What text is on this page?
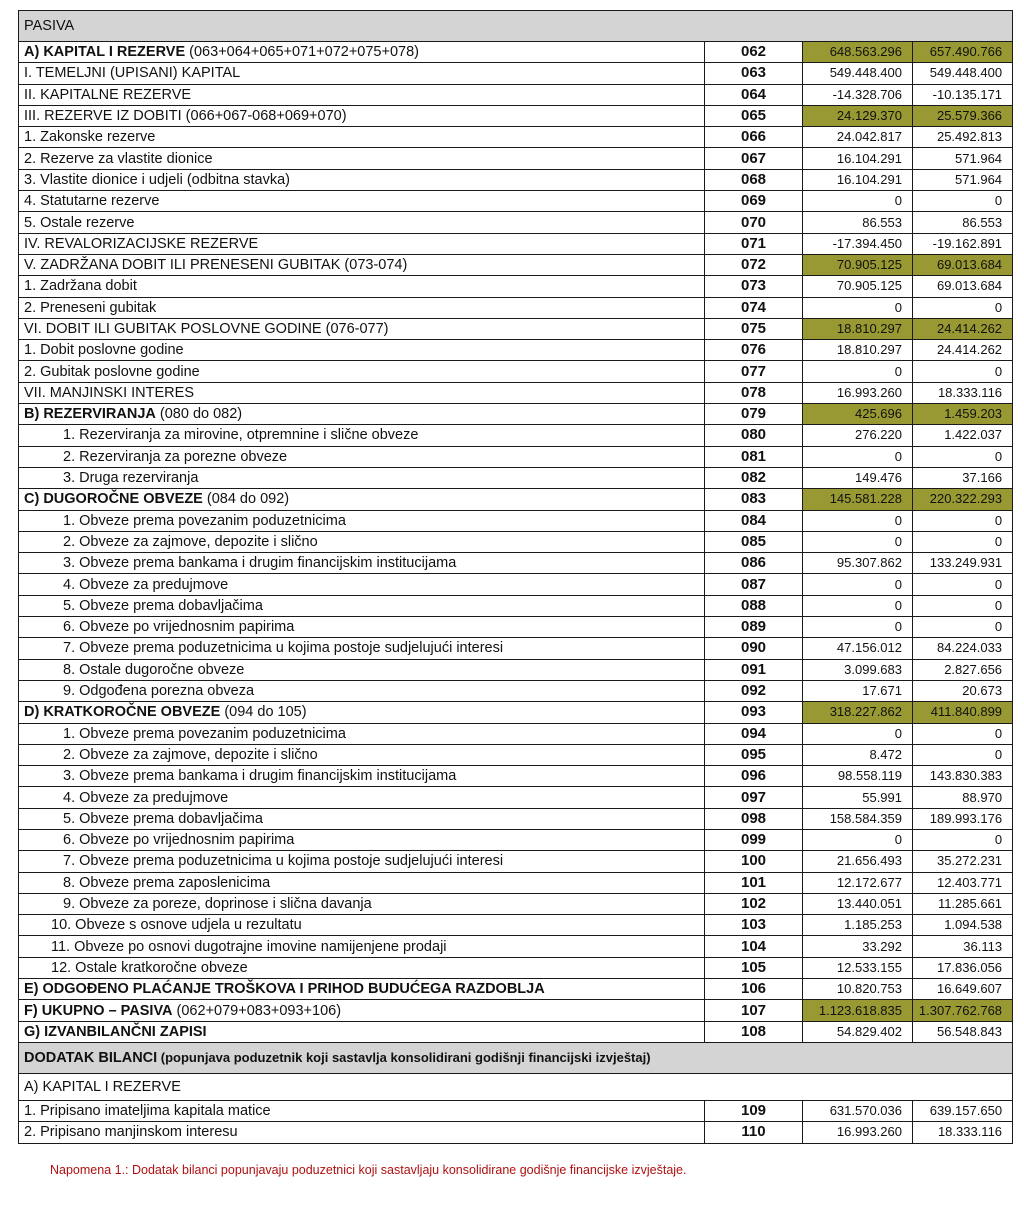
PASIVA			
A) KAPITAL I REZERVE (063+064+065+071+072+075+078)	062	648.563.296	657.490.766
I. TEMELJNI (UPISANI) KAPITAL	063	549.448.400	549.448.400
II. KAPITALNE REZERVE	064	-14.328.706	-10.135.171
III. REZERVE IZ DOBITI (066+067-068+069+070)	065	24.129.370	25.579.366
1. Zakonske rezerve	066	24.042.817	25.492.813
2. Rezerve za vlastite dionice	067	16.104.291	571.964
3. Vlastite dionice i udjeli (odbitna stavka)	068	16.104.291	571.964
4. Statutarne rezerve	069	0	0
5. Ostale rezerve	070	86.553	86.553
IV. REVALORIZACIJSKE REZERVE	071	-17.394.450	-19.162.891
V. ZADRŽANA DOBIT ILI PRENESENI GUBITAK (073-074)	072	70.905.125	69.013.684
1. Zadržana dobit	073	70.905.125	69.013.684
2. Preneseni gubitak	074	0	0
VI. DOBIT ILI GUBITAK POSLOVNE GODINE (076-077)	075	18.810.297	24.414.262
1. Dobit poslovne godine	076	18.810.297	24.414.262
2. Gubitak poslovne godine	077	0	0
VII. MANJINSKI INTERES	078	16.993.260	18.333.116
B) REZERVIRANJA (080 do 082)	079	425.696	1.459.203
1. Rezerviranja za mirovine, otpremnine i slične obveze	080	276.220	1.422.037
2. Rezerviranja za porezne obveze	081	0	0
3. Druga rezerviranja	082	149.476	37.166
C) DUGOROČNE OBVEZE (084 do 092)	083	145.581.228	220.322.293
1. Obveze prema povezanim poduzetnicima	084	0	0
2. Obveze za zajmove, depozite i slično	085	0	0
3. Obveze prema bankama i drugim financijskim institucijama	086	95.307.862	133.249.931
4. Obveze za predujmove	087	0	0
5. Obveze prema dobavljačima	088	0	0
6. Obveze po vrijednosnim papirima	089	0	0
7. Obveze prema poduzetnicima u kojima postoje sudjelujući interesi	090	47.156.012	84.224.033
8. Ostale dugoročne obveze	091	3.099.683	2.827.656
9. Odgođena porezna obveza	092	17.671	20.673
D) KRATKOROČNE OBVEZE (094 do 105)	093	318.227.862	411.840.899
1. Obveze prema povezanim poduzetnicima	094	0	0
2. Obveze za zajmove, depozite i slično	095	8.472	0
3. Obveze prema bankama i drugim financijskim institucijama	096	98.558.119	143.830.383
4. Obveze za predujmove	097	55.991	88.970
5. Obveze prema dobavljačima	098	158.584.359	189.993.176
6. Obveze po vrijednosnim papirima	099	0	0
7. Obveze prema poduzetnicima u kojima postoje sudjelujući interesi	100	21.656.493	35.272.231
8. Obveze prema zaposlenicima	101	12.172.677	12.403.771
9. Obveze za poreze, doprinose i slična davanja	102	13.440.051	11.285.661
10. Obveze s osnove udjela u rezultatu	103	1.185.253	1.094.538
11. Obveze po osnovi dugotrajne imovine namijenjene prodaji	104	33.292	36.113
12. Ostale kratkoročne obveze	105	12.533.155	17.836.056
E) ODGOĐENO PLAĆANJE TROŠKOVA I PRIHOD BUDUĆEGA RAZDOBLJA	106	10.820.753	16.649.607
F) UKUPNO – PASIVA (062+079+083+093+106)	107	1.123.618.835	1.307.762.768
G) IZVANBILANČNI ZAPISI	108	54.829.402	56.548.843
DODATAK BILANCI (popunjava poduzetnik koji sastavlja konsolidirani godišnji financijski izvještaj)			
A) KAPITAL I REZERVE			
1. Pripisano imateljima kapitala matice	109	631.570.036	639.157.650
2. Pripisano manjinskom interesu	110	16.993.260	18.333.116
Napomena 1.: Dodatak bilanci popunjavaju poduzetnici koji sastavljaju konsolidirane godišnje financijske izvještaje.
